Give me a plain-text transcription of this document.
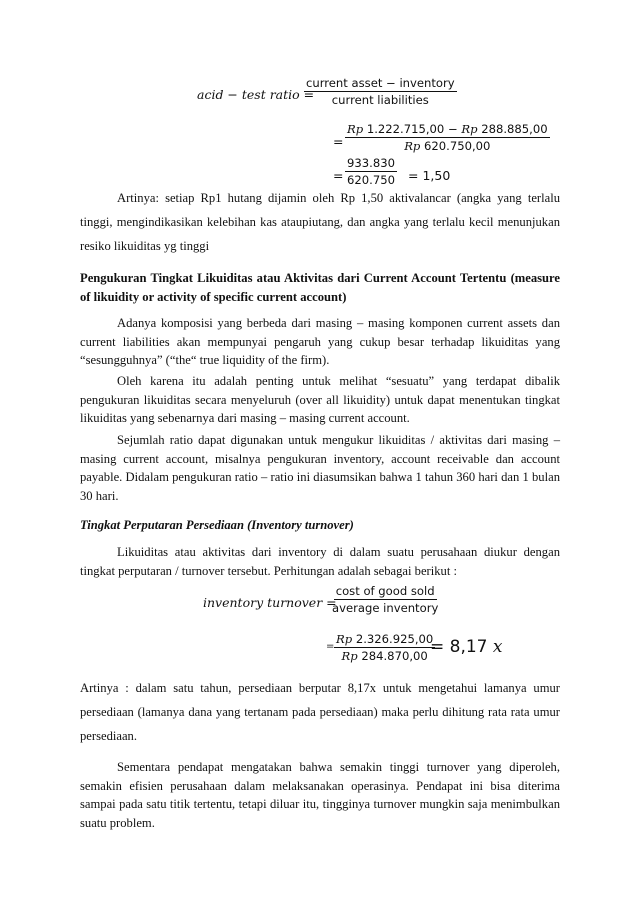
acid − test ratio =
current asset − inventory
current liabilities
= $\frac{Rp 1.222.715,00 - Rp 288.885,00}{Rp 620.750,00}$
= $\frac{933.830}{620.750} = 1,50$
Artinya: setiap Rp1 hutang dijamin oleh Rp 1,50 aktivalancar (angka yang terlalu tinggi, mengindikasikan kelebihan kas ataupiutang, dan angka yang terlalu kecil menunjukan resiko likuiditas yg tinggi
Pengukuran Tingkat Likuiditas atau Aktivitas dari Current Account Tertentu (measure of likuidity or activity of specific current account)
Adanya komposisi yang berbeda dari masing – masing komponen current assets dan current liabilities akan mempunyai pengaruh yang cukup besar terhadap likuiditas yang “sesungguhnya” (“the“ true liquidity of the firm).
Oleh karena itu adalah penting untuk melihat “sesuatu” yang terdapat dibalik pengukuran likuiditas secara menyeluruh (over all likuidity) untuk dapat menentukan tingkat likuiditas yang sebenarnya dari masing – masing current account.
Sejumlah ratio dapat digunakan untuk mengukur likuiditas / aktivitas dari masing – masing current account, misalnya pengukuran inventory, account receivable dan account payable. Didalam pengukuran ratio – ratio ini diasumsikan bahwa 1 tahun 360 hari dan 1 bulan 30 hari.
Tingkat Perputaran Persediaan (Inventory turnover)
Likuiditas atau aktivitas dari inventory di dalam suatu perusahaan diukur dengan tingkat perputaran / turnover tersebut. Perhitungan adalah sebagai berikut :
inventory turnover =
cost of good sold
average inventory
= $\frac{Rp 2.326.925,00}{Rp 284.870,00}$
= 8,17 x
Artinya : dalam satu tahun, persediaan berputar 8,17x untuk mengetahui lamanya umur persediaan (lamanya dana yang tertanam pada persediaan) maka perlu dihitung rata rata umur persediaan.
Sementara pendapat mengatakan bahwa semakin tinggi turnover yang diperoleh, semakin efisien perusahaan dalam melaksanakan operasinya. Pendapat ini bisa diterima sampai pada satu titik tertentu, tetapi diluar itu, tingginya turnover mungkin saja menimbulkan suatu problem.
